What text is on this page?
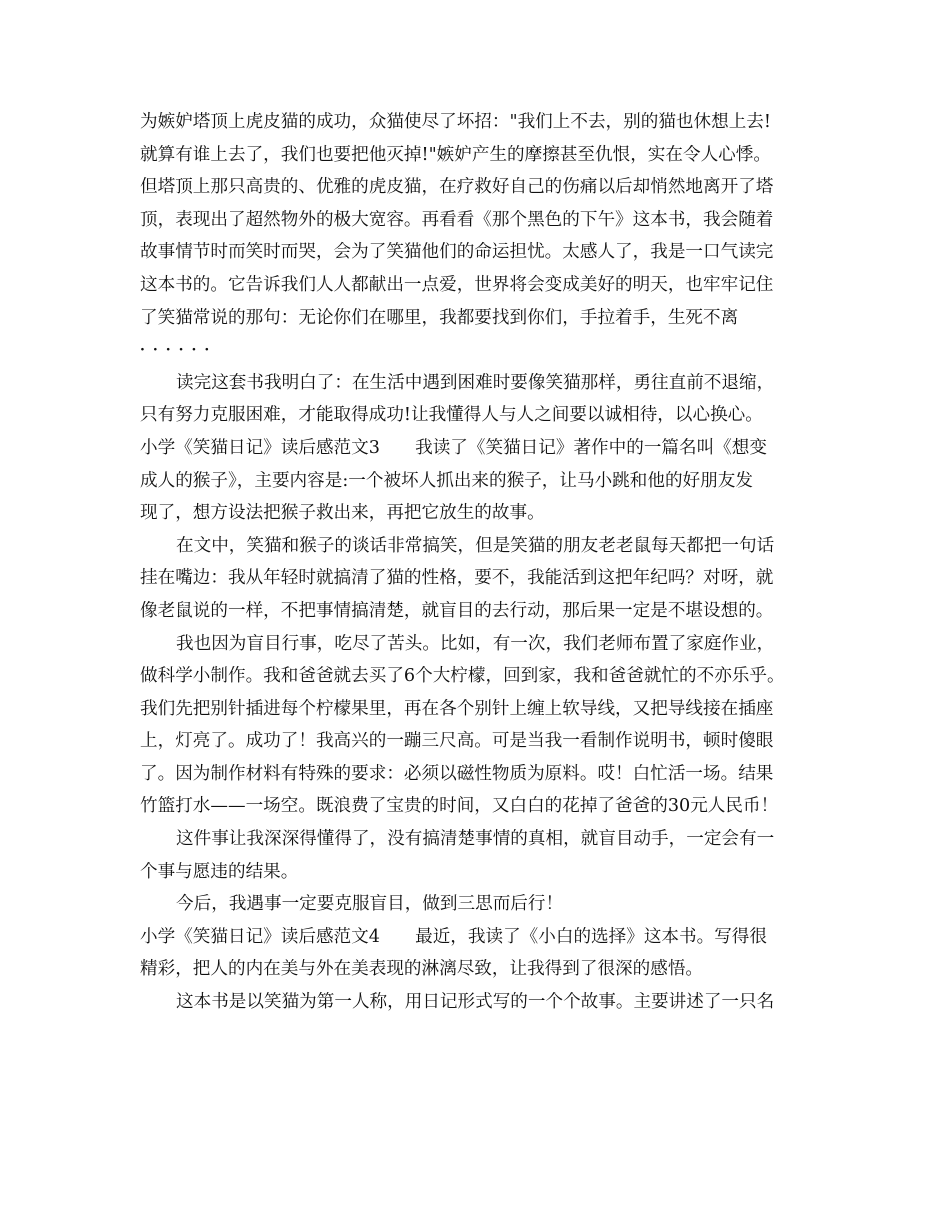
为嫉妒塔顶上虎皮猫的成功，众猫使尽了坏招："我们上不去，别的猫也休想上去!
就算有谁上去了，我们也要把他灭掉!"嫉妒产生的摩擦甚至仇恨，实在令人心悸。
但塔顶上那只高贵的、优雅的虎皮猫，在疗救好自己的伤痛以后却悄然地离开了塔
顶，表现出了超然物外的极大宽容。再看看《那个黑色的下午》这本书，我会随着
故事情节时而笑时而哭，会为了笑猫他们的命运担忧。太感人了，我是一口气读完
这本书的。它告诉我们人人都献出一点爱，世界将会变成美好的明天，也牢牢记住
了笑猫常说的那句：无论你们在哪里，我都要找到你们，手拉着手，生死不离
······
读完这套书我明白了：在生活中遇到困难时要像笑猫那样，勇往直前不退缩，
只有努力克服困难，才能取得成功!让我懂得人与人之间要以诚相待，以心换心。
小学《笑猫日记》读后感范文3　　我读了《笑猫日记》著作中的一篇名叫《想变
成人的猴子》，主要内容是:一个被坏人抓出来的猴子，让马小跳和他的好朋友发
现了，想方设法把猴子救出来，再把它放生的故事。
在文中，笑猫和猴子的谈话非常搞笑，但是笑猫的朋友老老鼠每天都把一句话
挂在嘴边：我从年轻时就搞清了猫的性格，要不，我能活到这把年纪吗？对呀，就
像老鼠说的一样，不把事情搞清楚，就盲目的去行动，那后果一定是不堪设想的。
我也因为盲目行事，吃尽了苦头。比如，有一次，我们老师布置了家庭作业，
做科学小制作。我和爸爸就去买了6个大柠檬，回到家，我和爸爸就忙的不亦乐乎。
我们先把别针插进每个柠檬果里，再在各个别针上缠上软导线，又把导线接在插座
上，灯亮了。成功了！我高兴的一蹦三尺高。可是当我一看制作说明书，顿时傻眼
了。因为制作材料有特殊的要求：必须以磁性物质为原料。哎！白忙活一场。结果
竹篮打水——一场空。既浪费了宝贵的时间，又白白的花掉了爸爸的30元人民币！
这件事让我深深得懂得了，没有搞清楚事情的真相，就盲目动手，一定会有一
个事与愿违的结果。
今后，我遇事一定要克服盲目，做到三思而后行！
小学《笑猫日记》读后感范文4　　最近，我读了《小白的选择》这本书。写得很
精彩，把人的内在美与外在美表现的淋漓尽致，让我得到了很深的感悟。
这本书是以笑猫为第一人称，用日记形式写的一个个故事。主要讲述了一只名
